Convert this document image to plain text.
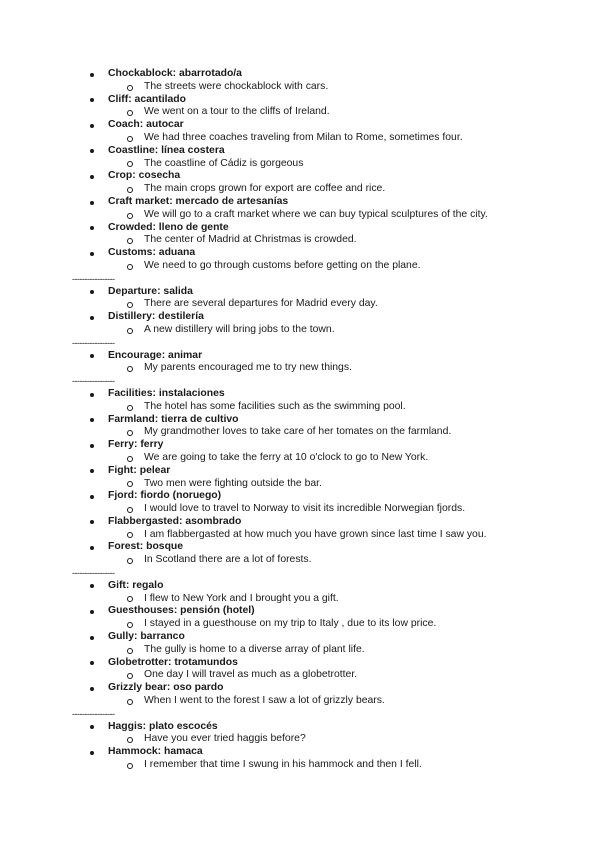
Chockablock: abarrotado/a
The streets were chockablock with cars.
Cliff: acantilado
We went on a tour to the cliffs of Ireland.
Coach: autocar
We had three coaches traveling from Milan to Rome, sometimes four.
Coastline: línea costera
The coastline of Cádiz is gorgeous
Crop: cosecha
The main crops grown for export are coffee and rice.
Craft market: mercado de artesanías
We will go to a craft market where we can buy typical sculptures of the city.
Crowded: lleno de gente
The center of Madrid at Christmas is crowded.
Customs: aduana
We need to go through customs before getting on the plane.
-----------------
Departure: salida
There are several departures for Madrid every day.
Distillery: destilería
A new distillery will bring jobs to the town.
-----------------
Encourage: animar
My parents encouraged me to try new things.
-----------------
Facilities: instalaciones
The hotel has some facilities such as the swimming pool.
Farmland: tierra de cultivo
My grandmother loves to take care of her tomates on the farmland.
Ferry: ferry
We are going to take the ferry at 10 o'clock to go to New York.
Fight: pelear
Two men were fighting outside the bar.
Fjord: fiordo (noruego)
I would love to travel to Norway to visit its incredible Norwegian fjords.
Flabbergasted: asombrado
I am flabbergasted at how much you have grown since last time I saw you.
Forest: bosque
In Scotland there are a lot of forests.
-----------------
Gift: regalo
I flew to New York and I brought you a gift.
Guesthouses: pensión (hotel)
I stayed in a guesthouse on my trip to Italy , due to its low price.
Gully: barranco
The gully is home to a diverse array of plant life.
Globetrotter: trotamundos
One day I will travel as much as a globetrotter.
Grizzly bear: oso pardo
When I went to the forest I saw a lot of grizzly bears.
-----------------
Haggis: plato escocés
Have you ever tried haggis before?
Hammock: hamaca
I remember that time I swung in his hammock and then I fell.
